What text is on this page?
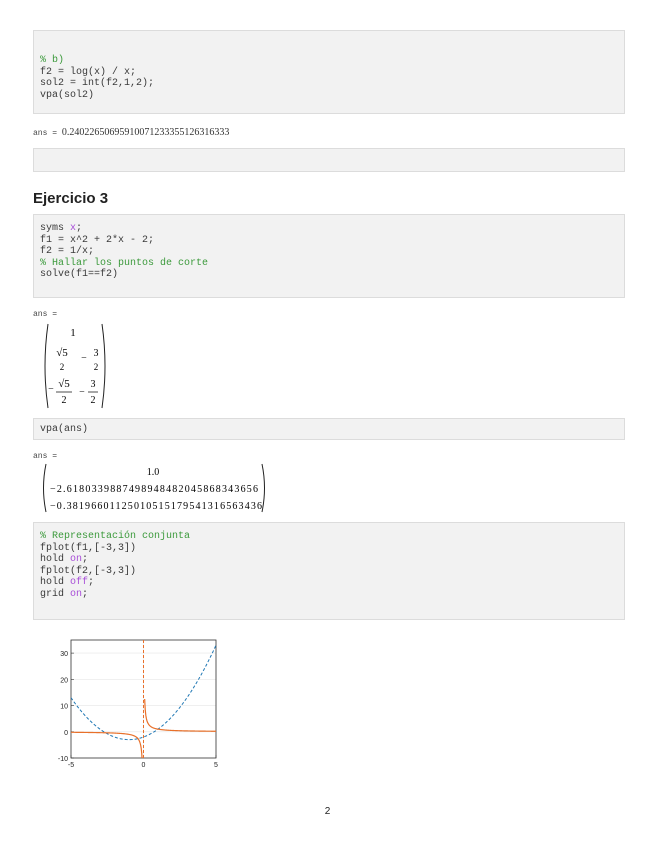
% b)
f2 = log(x) / x;
sol2 = int(f2,1,2);
vpa(sol2)
ans = 0.24022650695910071233355126316333
Ejercicio 3
syms x;
f1 = x^2 + 2*x - 2;
f2 = 1/x;
% Hallar los puntos de corte
solve(f1==f2)
ans =
1
√5
2
− 3
2
− √5
2
−
3
2
vpa(ans)
ans =
1.0
−2.6180339887498948482045868343656
−0.38196601125010515179541316563436
% Representación conjunta
fplot(f1,[-3,3])
hold on;
fplot(f2,[-3,3])
hold off;
grid on;
30
20
10
0
-10
-5	0	5
2
